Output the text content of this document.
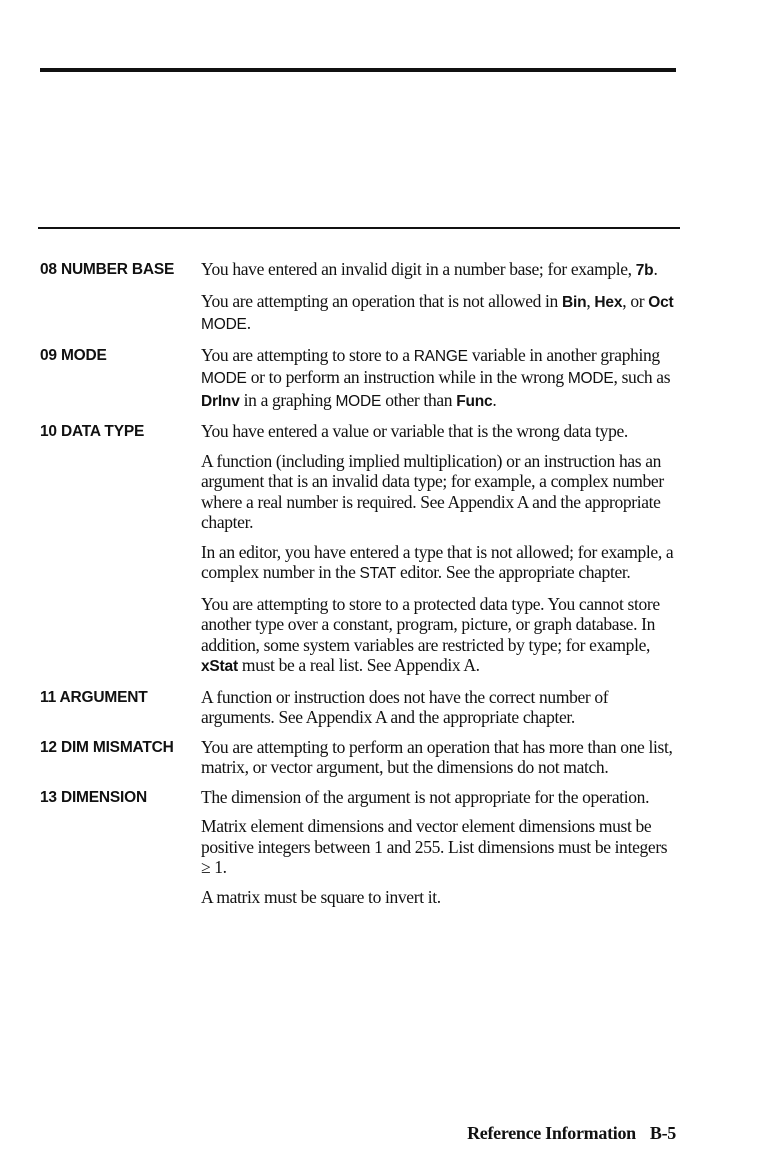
08 NUMBER BASE	You have entered an invalid digit in a number base; for example, 7b.

You are attempting an operation that is not allowed in Bin, Hex, or Oct MODE.

09 MODE	You are attempting to store to a RANGE variable in another graphing MODE or to perform an instruction while in the wrong MODE, such as DrInv in a graphing MODE other than Func.

10 DATA TYPE	You have entered a value or variable that is the wrong data type.

A function (including implied multiplication) or an instruction has an argument that is an invalid data type; for example, a complex number where a real number is required. See Appendix A and the appropriate chapter.

In an editor, you have entered a type that is not allowed; for example, a complex number in the STAT editor. See the appropriate chapter.

You are attempting to store to a protected data type. You cannot store another type over a constant, program, picture, or graph database. In addition, some system variables are restricted by type; for example, xStat must be a real list. See Appendix A.

11 ARGUMENT	A function or instruction does not have the correct number of arguments. See Appendix A and the appropriate chapter.

12 DIM MISMATCH	You are attempting to perform an operation that has more than one list, matrix, or vector argument, but the dimensions do not match.

13 DIMENSION	The dimension of the argument is not appropriate for the operation.

Matrix element dimensions and vector element dimensions must be positive integers between 1 and 255. List dimensions must be integers ≥ 1.

A matrix must be square to invert it.

Reference Information B-5
